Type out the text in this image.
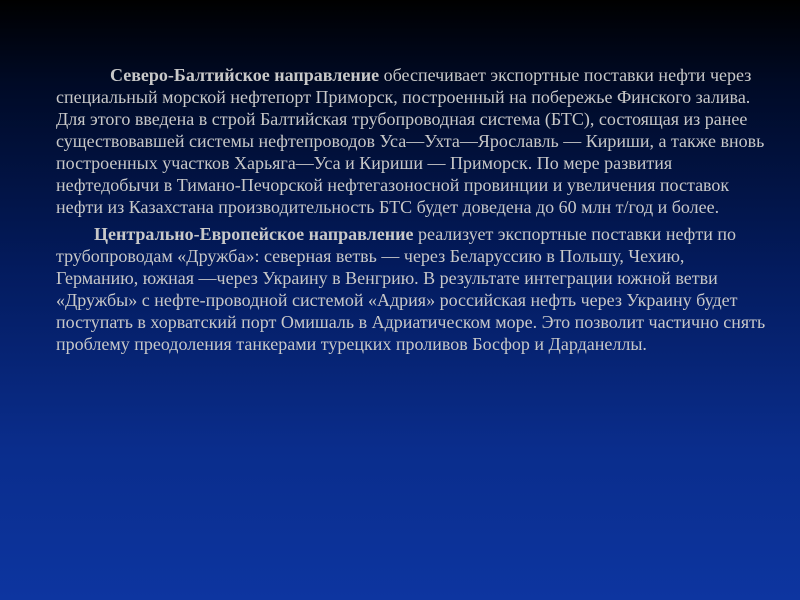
Северо-Балтийское направление обеспечивает экспортные поставки нефти через специальный морской нефтепорт Приморск, построенный на побережье Финского залива. Для этого введена в строй Балтийская трубопроводная система (БТС), состоящая из ранее существовавшей системы нефтепроводов Уса—Ухта—Ярославль — Кириши, а также вновь построенных участков Харьяга—Уса и Кириши — Приморск. По мере развития нефтедобычи в Тимано-Печорской нефтегазоносной провинции и увеличения поставок нефти из Казахстана производительность БТС будет доведена до 60 млн т/год и более.

Центрально-Европейское направление реализует экспортные поставки нефти по трубопроводам «Дружба»: северная ветвь — через Беларуссию в Польшу, Чехию, Германию, южная —через Украину в Венгрию. В результате интеграции южной ветви «Дружбы» с нефте-проводной системой «Адрия» российская нефть через Украину будет поступать в хорватский порт Омишаль в Адриатическом море. Это позволит частично снять проблему преодоления танкерами турецких проливов Босфор и Дарданеллы.
